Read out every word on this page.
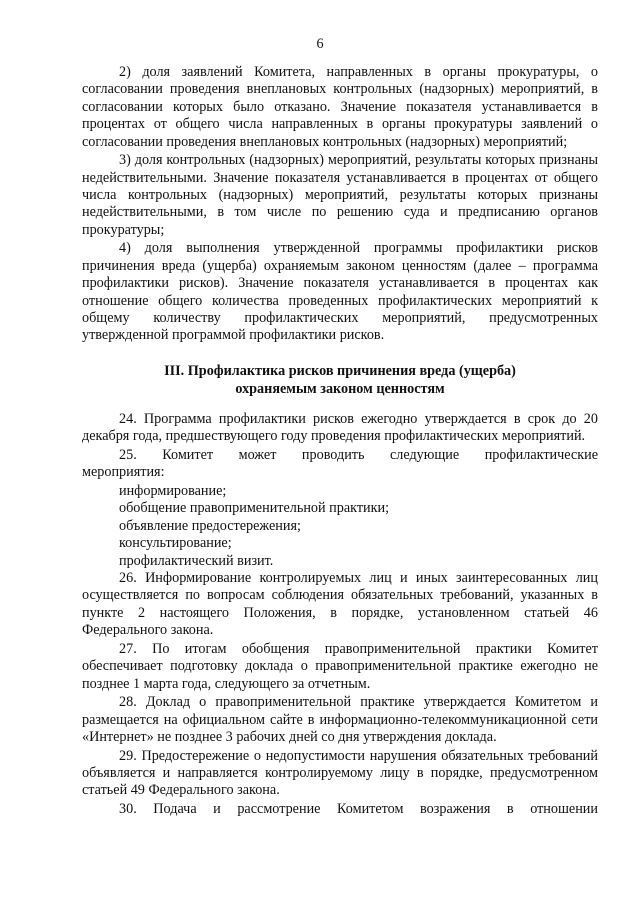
6

2) доля заявлений Комитета, направленных в органы прокуратуры, о согласовании проведения внеплановых контрольных (надзорных) мероприятий, в согласовании которых было отказано. Значение показателя устанавливается в процентах от общего числа направленных в органы прокуратуры заявлений о согласовании проведения внеплановых контрольных (надзорных) мероприятий;

3) доля контрольных (надзорных) мероприятий, результаты которых признаны недействительными. Значение показателя устанавливается в процентах от общего числа контрольных (надзорных) мероприятий, результаты которых признаны недействительными, в том числе по решению суда и предписанию органов прокуратуры;

4) доля выполнения утвержденной программы профилактики рисков причинения вреда (ущерба) охраняемым законом ценностям (далее – программа профилактики рисков). Значение показателя устанавливается в процентах как отношение общего количества проведенных профилактических мероприятий к общему количеству профилактических мероприятий, предусмотренных утвержденной программой профилактики рисков.

III. Профилактика рисков причинения вреда (ущерба)
охраняемым законом ценностям

24. Программа профилактики рисков ежегодно утверждается в срок до 20 декабря года, предшествующего году проведения профилактических мероприятий.

25. Комитет может проводить следующие профилактические мероприятия:

информирование;

обобщение правоприменительной практики;

объявление предостережения;

консультирование;

профилактический визит.

26. Информирование контролируемых лиц и иных заинтересованных лиц осуществляется по вопросам соблюдения обязательных требований, указанных в пункте 2 настоящего Положения, в порядке, установленном статьей 46 Федерального закона.

27. По итогам обобщения правоприменительной практики Комитет обеспечивает подготовку доклада о правоприменительной практике ежегодно не позднее 1 марта года, следующего за отчетным.

28. Доклад о правоприменительной практике утверждается Комитетом и размещается на официальном сайте в информационно-телекоммуникационной сети «Интернет» не позднее 3 рабочих дней со дня утверждения доклада.

29. Предостережение о недопустимости нарушения обязательных требований объявляется и направляется контролируемому лицу в порядке, предусмотренном статьей 49 Федерального закона.

30. Подача и рассмотрение Комитетом возражения в отношении
